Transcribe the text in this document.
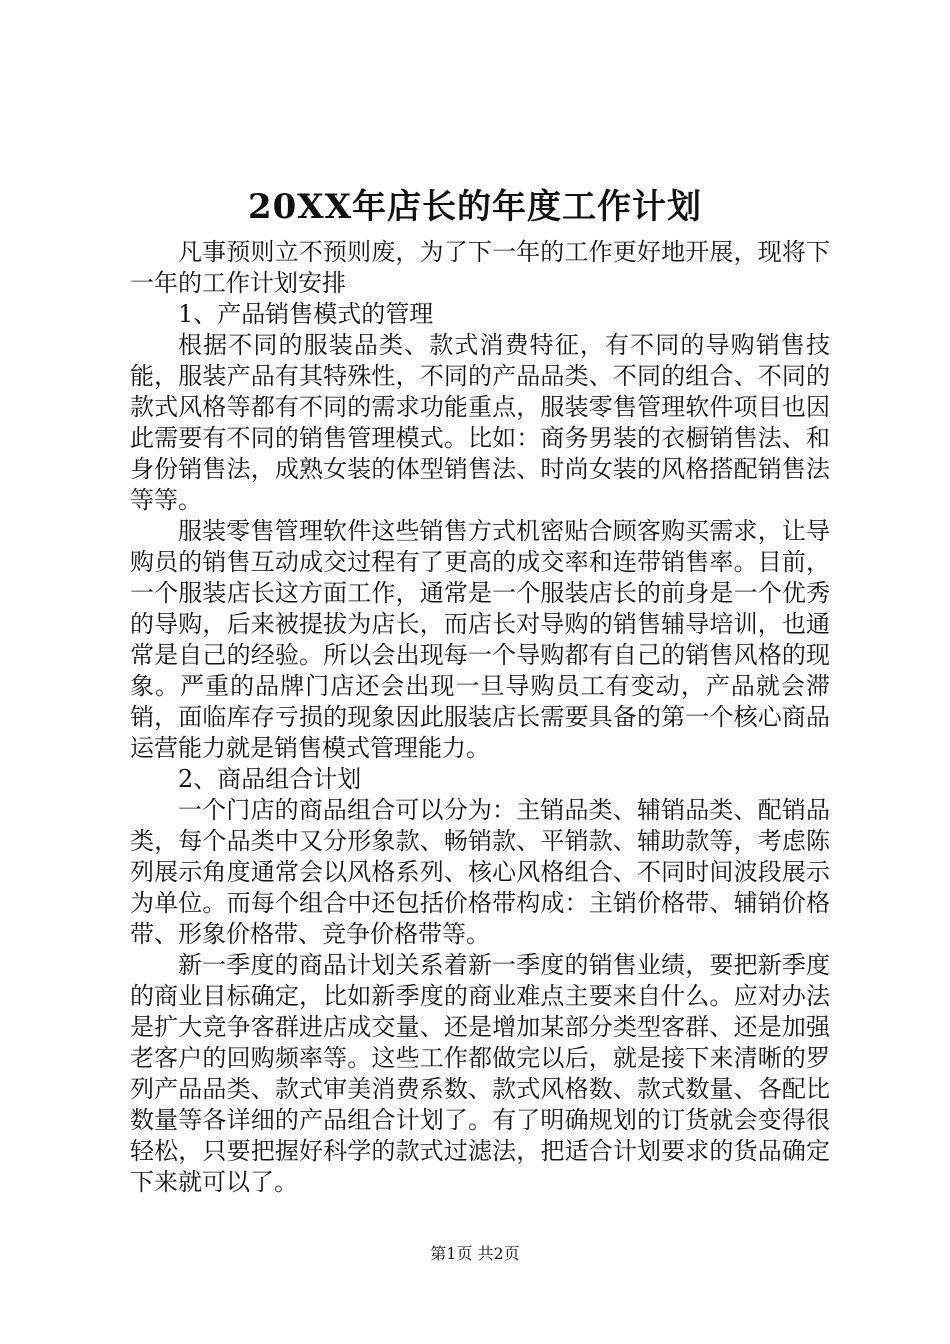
20XX年店长的年度工作计划

凡事预则立不预则废，为了下一年的工作更好地开展，现将下一年的工作计划安排

1、产品销售模式的管理

根据不同的服装品类、款式消费特征，有不同的导购销售技能，服装产品有其特殊性，不同的产品品类、不同的组合、不同的款式风格等都有不同的需求功能重点，服装零售管理软件项目也因此需要有不同的销售管理模式。比如：商务男装的衣橱销售法、和身份销售法，成熟女装的体型销售法、时尚女装的风格搭配销售法等等。

服装零售管理软件这些销售方式机密贴合顾客购买需求，让导购员的销售互动成交过程有了更高的成交率和连带销售率。目前，一个服装店长这方面工作，通常是一个服装店长的前身是一个优秀的导购，后来被提拔为店长，而店长对导购的销售辅导培训，也通常是自己的经验。所以会出现每一个导购都有自己的销售风格的现象。严重的品牌门店还会出现一旦导购员工有变动，产品就会滞销，面临库存亏损的现象因此服装店长需要具备的第一个核心商品运营能力就是销售模式管理能力。

2、商品组合计划

一个门店的商品组合可以分为：主销品类、辅销品类、配销品类，每个品类中又分形象款、畅销款、平销款、辅助款等，考虑陈列展示角度通常会以风格系列、核心风格组合、不同时间波段展示为单位。而每个组合中还包括价格带构成：主销价格带、辅销价格带、形象价格带、竞争价格带等。

新一季度的商品计划关系着新一季度的销售业绩，要把新季度的商业目标确定，比如新季度的商业难点主要来自什么。应对办法是扩大竞争客群进店成交量、还是增加某部分类型客群、还是加强老客户的回购频率等。这些工作都做完以后，就是接下来清晰的罗列产品品类、款式审美消费系数、款式风格数、款式数量、各配比数量等各详细的产品组合计划了。有了明确规划的订货就会变得很轻松，只要把握好科学的款式过滤法，把适合计划要求的货品确定下来就可以了。

第1页 共2页
